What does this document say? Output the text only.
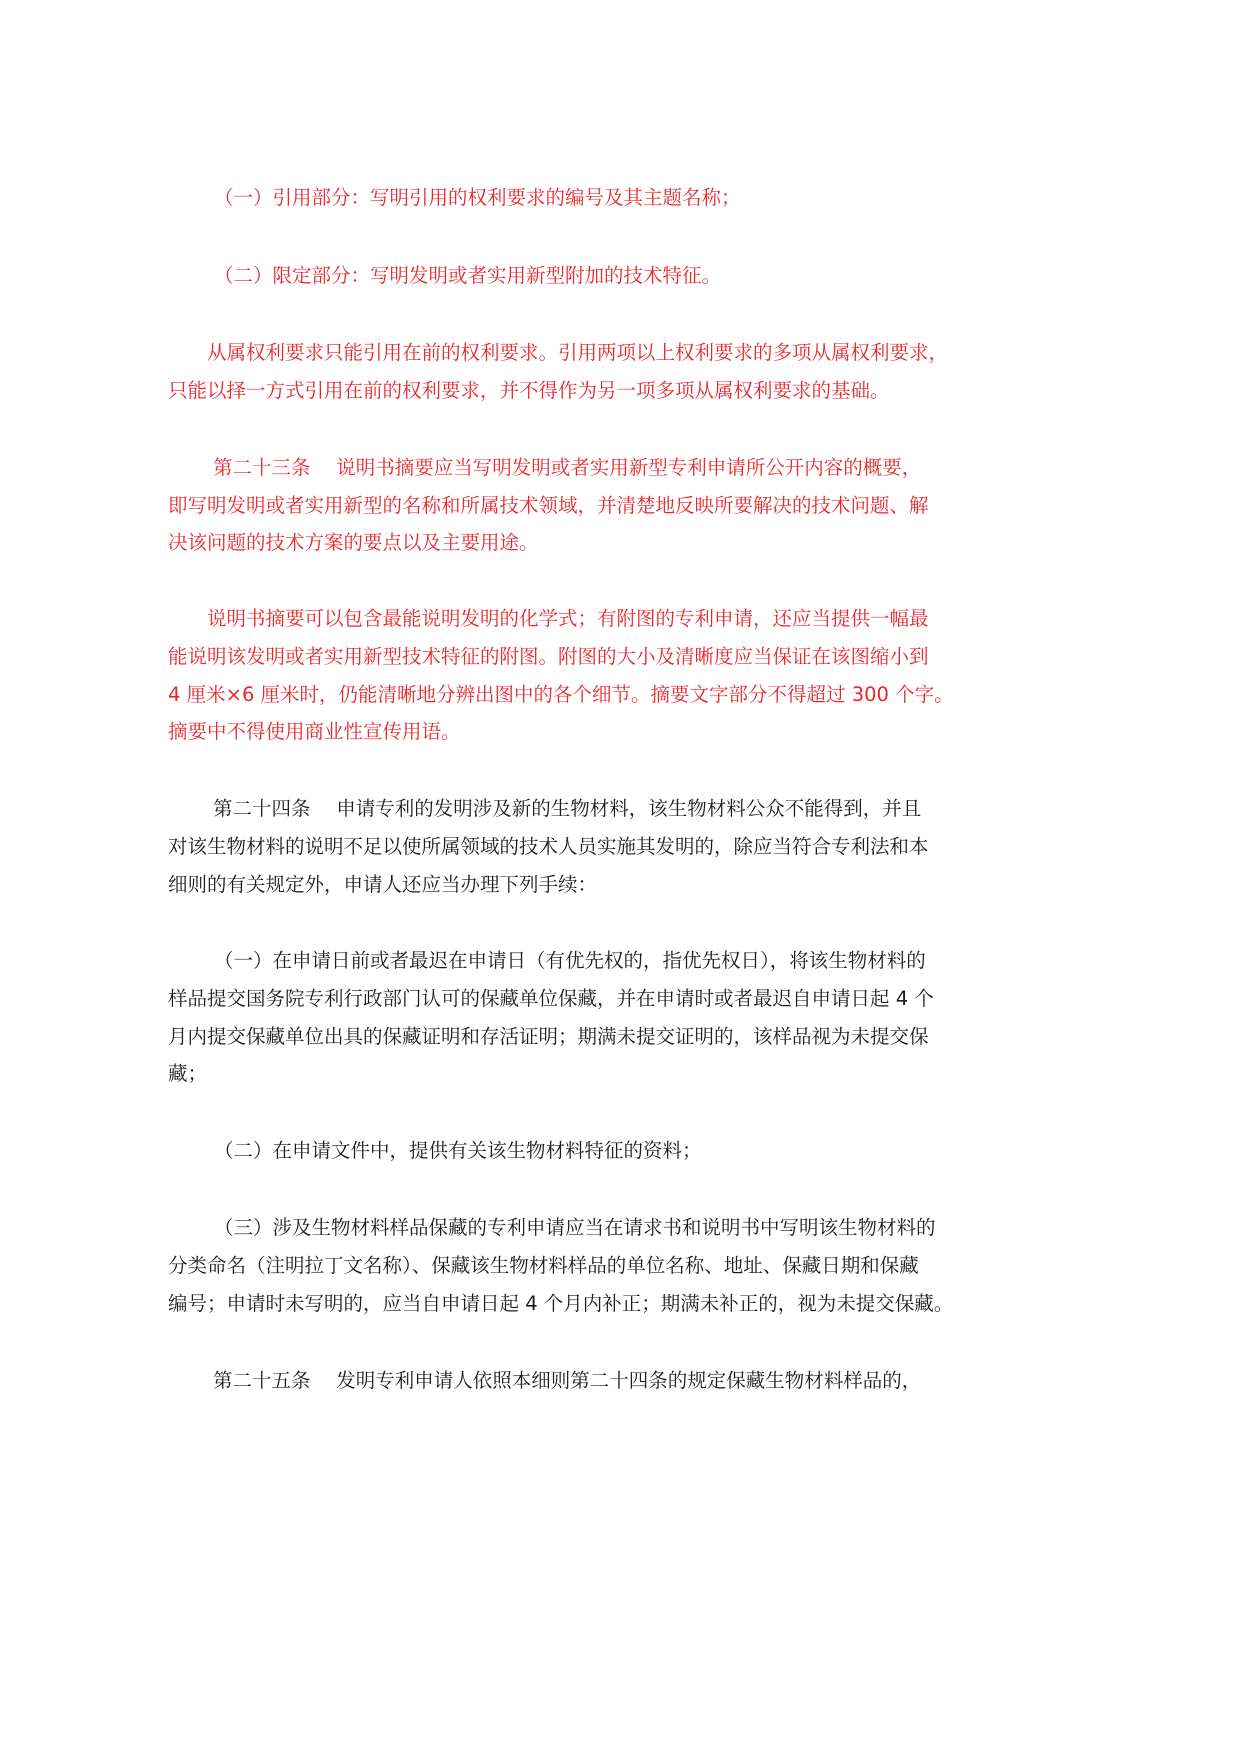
（一）引用部分：写明引用的权利要求的编号及其主题名称；
（二）限定部分：写明发明或者实用新型附加的技术特征。
从属权利要求只能引用在前的权利要求。引用两项以上权利要求的多项从属权利要求，
只能以择一方式引用在前的权利要求，并不得作为另一项多项从属权利要求的基础。
第二十三条　 说明书摘要应当写明发明或者实用新型专利申请所公开内容的概要，
即写明发明或者实用新型的名称和所属技术领域，并清楚地反映所要解决的技术问题、解
决该问题的技术方案的要点以及主要用途。
说明书摘要可以包含最能说明发明的化学式；有附图的专利申请，还应当提供一幅最
能说明该发明或者实用新型技术特征的附图。附图的大小及清晰度应当保证在该图缩小到
4 厘米×6 厘米时，仍能清晰地分辨出图中的各个细节。摘要文字部分不得超过 300 个字。
摘要中不得使用商业性宣传用语。
第二十四条　 申请专利的发明涉及新的生物材料，该生物材料公众不能得到，并且
对该生物材料的说明不足以使所属领域的技术人员实施其发明的，除应当符合专利法和本
细则的有关规定外，申请人还应当办理下列手续：
（一）在申请日前或者最迟在申请日（有优先权的，指优先权日），将该生物材料的
样品提交国务院专利行政部门认可的保藏单位保藏，并在申请时或者最迟自申请日起 4 个
月内提交保藏单位出具的保藏证明和存活证明；期满未提交证明的，该样品视为未提交保
藏；
（二）在申请文件中，提供有关该生物材料特征的资料；
（三）涉及生物材料样品保藏的专利申请应当在请求书和说明书中写明该生物材料的
分类命名（注明拉丁文名称）、保藏该生物材料样品的单位名称、地址、保藏日期和保藏
编号；申请时未写明的，应当自申请日起 4 个月内补正；期满未补正的，视为未提交保藏。
第二十五条　 发明专利申请人依照本细则第二十四条的规定保藏生物材料样品的，
